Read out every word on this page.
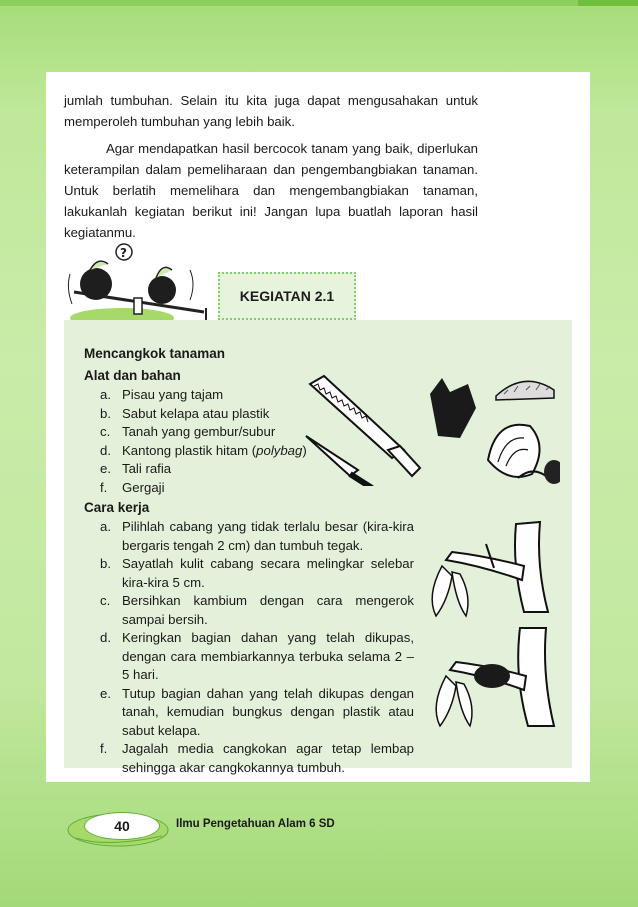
jumlah tumbuhan. Selain itu kita juga dapat mengusahakan untuk memperoleh tumbuhan yang lebih baik.

Agar mendapatkan hasil bercocok tanam yang baik, diperlukan keterampilan dalam pemeliharaan dan pengembangbiakan tanaman. Untuk berlatih memelihara dan mengembangbiakan tanaman, lakukanlah kegiatan berikut ini! Jangan lupa buatlah laporan hasil kegiatanmu.

?
KEGIATAN 2.1
Mencangkok tanaman
Alat dan bahan
a. Pisau yang tajam
b. Sabut kelapa atau plastik
c. Tanah yang gembur/subur
d. Kantong plastik hitam (polybag)
e. Tali rafia
f. Gergaji
Cara kerja
a. Pilihlah cabang yang tidak terlalu besar (kira-kira bergaris tengah 2 cm) dan tumbuh tegak.
b. Sayatlah kulit cabang secara melingkar selebar kira-kira 5 cm.
c. Bersihkan kambium dengan cara mengerok sampai bersih.
d. Keringkan bagian dahan yang telah dikupas, dengan cara membiarkannya terbuka selama 2 – 5 hari.
e. Tutup bagian dahan yang telah dikupas dengan tanah, kemudian bungkus dengan plastik atau sabut kelapa.
f. Jagalah media cangkokan agar tetap lembap sehingga akar cangkokannya tumbuh.
40	Ilmu Pengetahuan Alam 6 SD
